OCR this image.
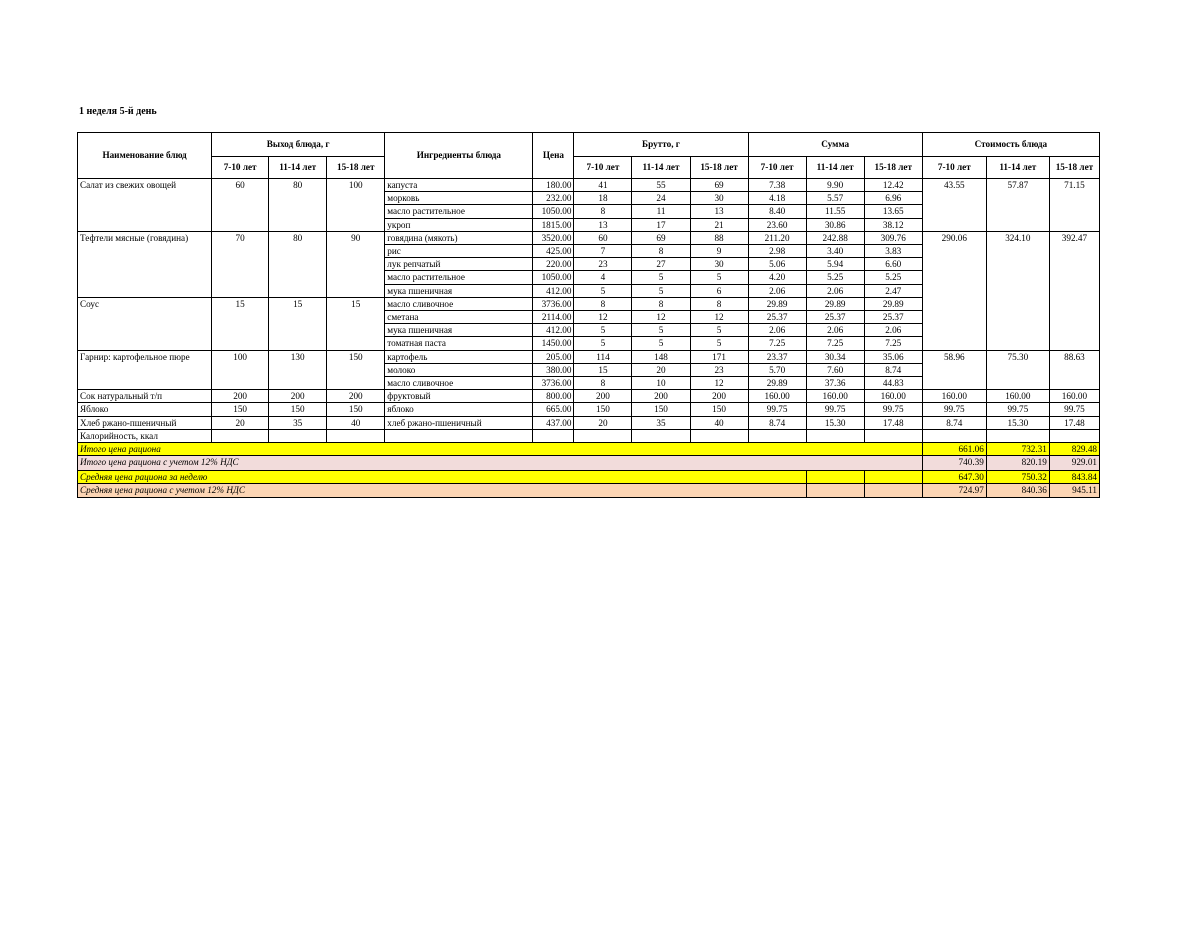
1 неделя 5-й день
Наименование блюд	Выход блюда, г			Ингредиенты блюда	Цена	Брутто, г			Сумма			Стоимость блюда		
	7-10 лет	11-14 лет	15-18 лет			7-10 лет	11-14 лет	15-18 лет	7-10 лет	11-14 лет	15-18 лет	7-10 лет	11-14 лет	15-18 лет
Салат из свежих овощей	60	80	100	капуста	180.00	41	55	69	7.38	9.90	12.42	43.55	57.87	71.15
				морковь	232.00	18	24	30	4.18	5.57	6.96			
				масло растительное	1050.00	8	11	13	8.40	11.55	13.65			
				укроп	1815.00	13	17	21	23.60	30.86	38.12			
Тефтели мясные (говядина)	70	80	90	говядина (мякоть)	3520.00	60	69	88	211.20	242.88	309.76	290.06	324.10	392.47
				рис	425.00	7	8	9	2.98	3.40	3.83			
				лук репчатый	220.00	23	27	30	5.06	5.94	6.60			
				масло растительное	1050.00	4	5	5	4.20	5.25	5.25			
				мука пшеничная	412.00	5	5	6	2.06	2.06	2.47			
Соус	15	15	15	масло сливочное	3736.00	8	8	8	29.89	29.89	29.89			
				сметана	2114.00	12	12	12	25.37	25.37	25.37			
				мука пшеничная	412.00	5	5	5	2.06	2.06	2.06			
				томатная паста	1450.00	5	5	5	7.25	7.25	7.25			
Гарнир: картофельное пюре	100	130	150	картофель	205.00	114	148	171	23.37	30.34	35.06	58.96	75.30	88.63
				молоко	380.00	15	20	23	5.70	7.60	8.74			
				масло сливочное	3736.00	8	10	12	29.89	37.36	44.83			
Сок натуральный т/п	200	200	200	фруктовый	800.00	200	200	200	160.00	160.00	160.00	160.00	160.00	160.00
Яблоко	150	150	150	яблоко	665.00	150	150	150	99.75	99.75	99.75	99.75	99.75	99.75
Хлеб ржано-пшеничный	20	35	40	хлеб ржано-пшеничный	437.00	20	35	40	8.74	15.30	17.48	8.74	15.30	17.48
Калорийность, ккал														
Итого цена рациона												661.06	732.31	829.48
Итого цена рациона с учетом 12% НДС												740.39	820.19	929.01
Средняя цена рациона за неделю												647.30	750.32	843.84
Средняя цена рациона с учетом 12% НДС												724.97	840.36	945.11
